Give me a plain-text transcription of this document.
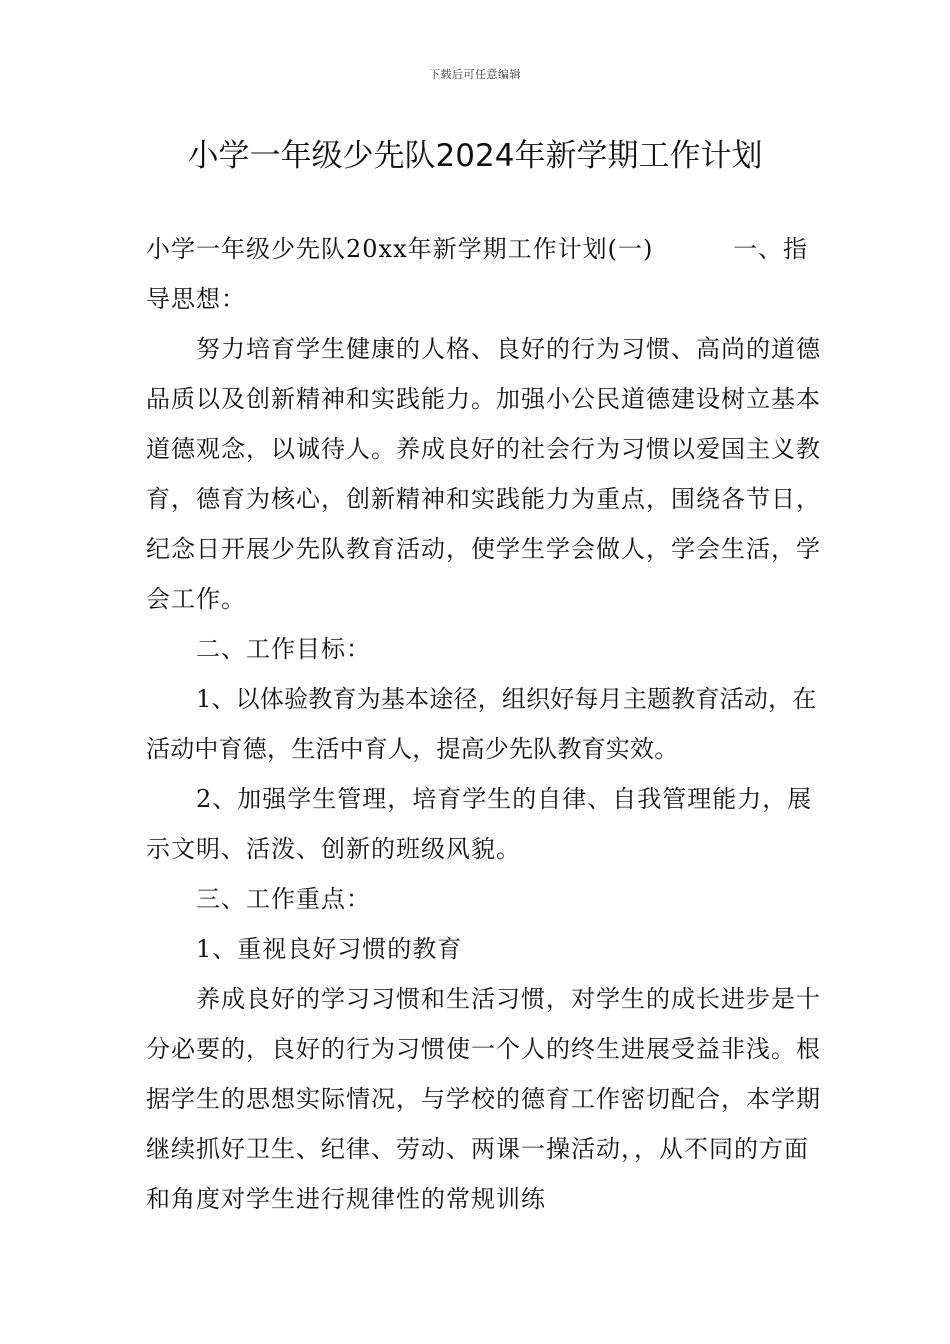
下载后可任意编辑
小学一年级少先队2024年新学期工作计划

小学一年级少先队20xx年新学期工作计划(一)	一、指

导思想：

努力培育学生健康的人格、良好的行为习惯、高尚的道德品质以及创新精神和实践能力。加强小公民道德建设树立基本道德观念，以诚待人。养成良好的社会行为习惯以爱国主义教育，德育为核心，创新精神和实践能力为重点，围绕各节日，纪念日开展少先队教育活动，使学生学会做人，学会生活，学会工作。

二、工作目标：

1、以体验教育为基本途径，组织好每月主题教育活动，在活动中育德，生活中育人，提高少先队教育实效。

2、加强学生管理，培育学生的自律、自我管理能力，展示文明、活泼、创新的班级风貌。

三、工作重点：

1、重视良好习惯的教育

养成良好的学习习惯和生活习惯，对学生的成长进步是十分必要的，良好的行为习惯使一个人的终生进展受益非浅。根据学生的思想实际情况，与学校的德育工作密切配合，本学期继续抓好卫生、纪律、劳动、两课一操活动，，从不同的方面和角度对学生进行规律性的常规训练
